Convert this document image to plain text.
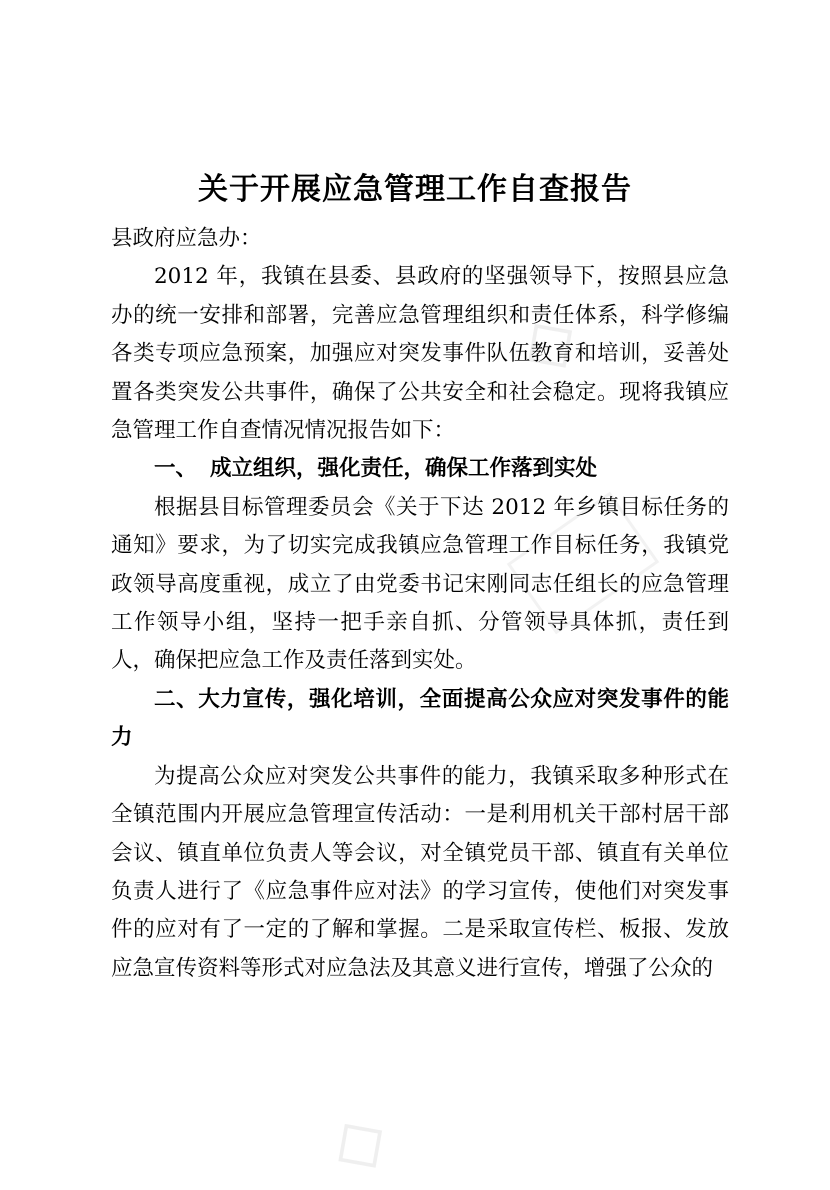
◇
◇
关于开展应急管理工作自查报告

县政府应急办：

2012 年，我镇在县委、县政府的坚强领导下，按照县应急办的统一安排和部署，完善应急管理组织和责任体系，科学修编各类专项应急预案，加强应对突发事件队伍教育和培训，妥善处置各类突发公共事件，确保了公共安全和社会稳定。现将我镇应急管理工作自查情况情况报告如下：

一、 成立组织，强化责任，确保工作落到实处

根据县目标管理委员会《关于下达 2012 年乡镇目标任务的通知》要求，为了切实完成我镇应急管理工作目标任务，我镇党政领导高度重视，成立了由党委书记宋刚同志任组长的应急管理工作领导小组，坚持一把手亲自抓、分管领导具体抓，责任到人，确保把应急工作及责任落到实处。

二、大力宣传，强化培训，全面提高公众应对突发事件的能力

为提高公众应对突发公共事件的能力，我镇采取多种形式在全镇范围内开展应急管理宣传活动：一是利用机关干部村居干部会议、镇直单位负责人等会议，对全镇党员干部、镇直有关单位负责人进行了《应急事件应对法》的学习宣传，使他们对突发事件的应对有了一定的了解和掌握。二是采取宣传栏、板报、发放应急宣传资料等形式对应急法及其意义进行宣传，增强了公众的
